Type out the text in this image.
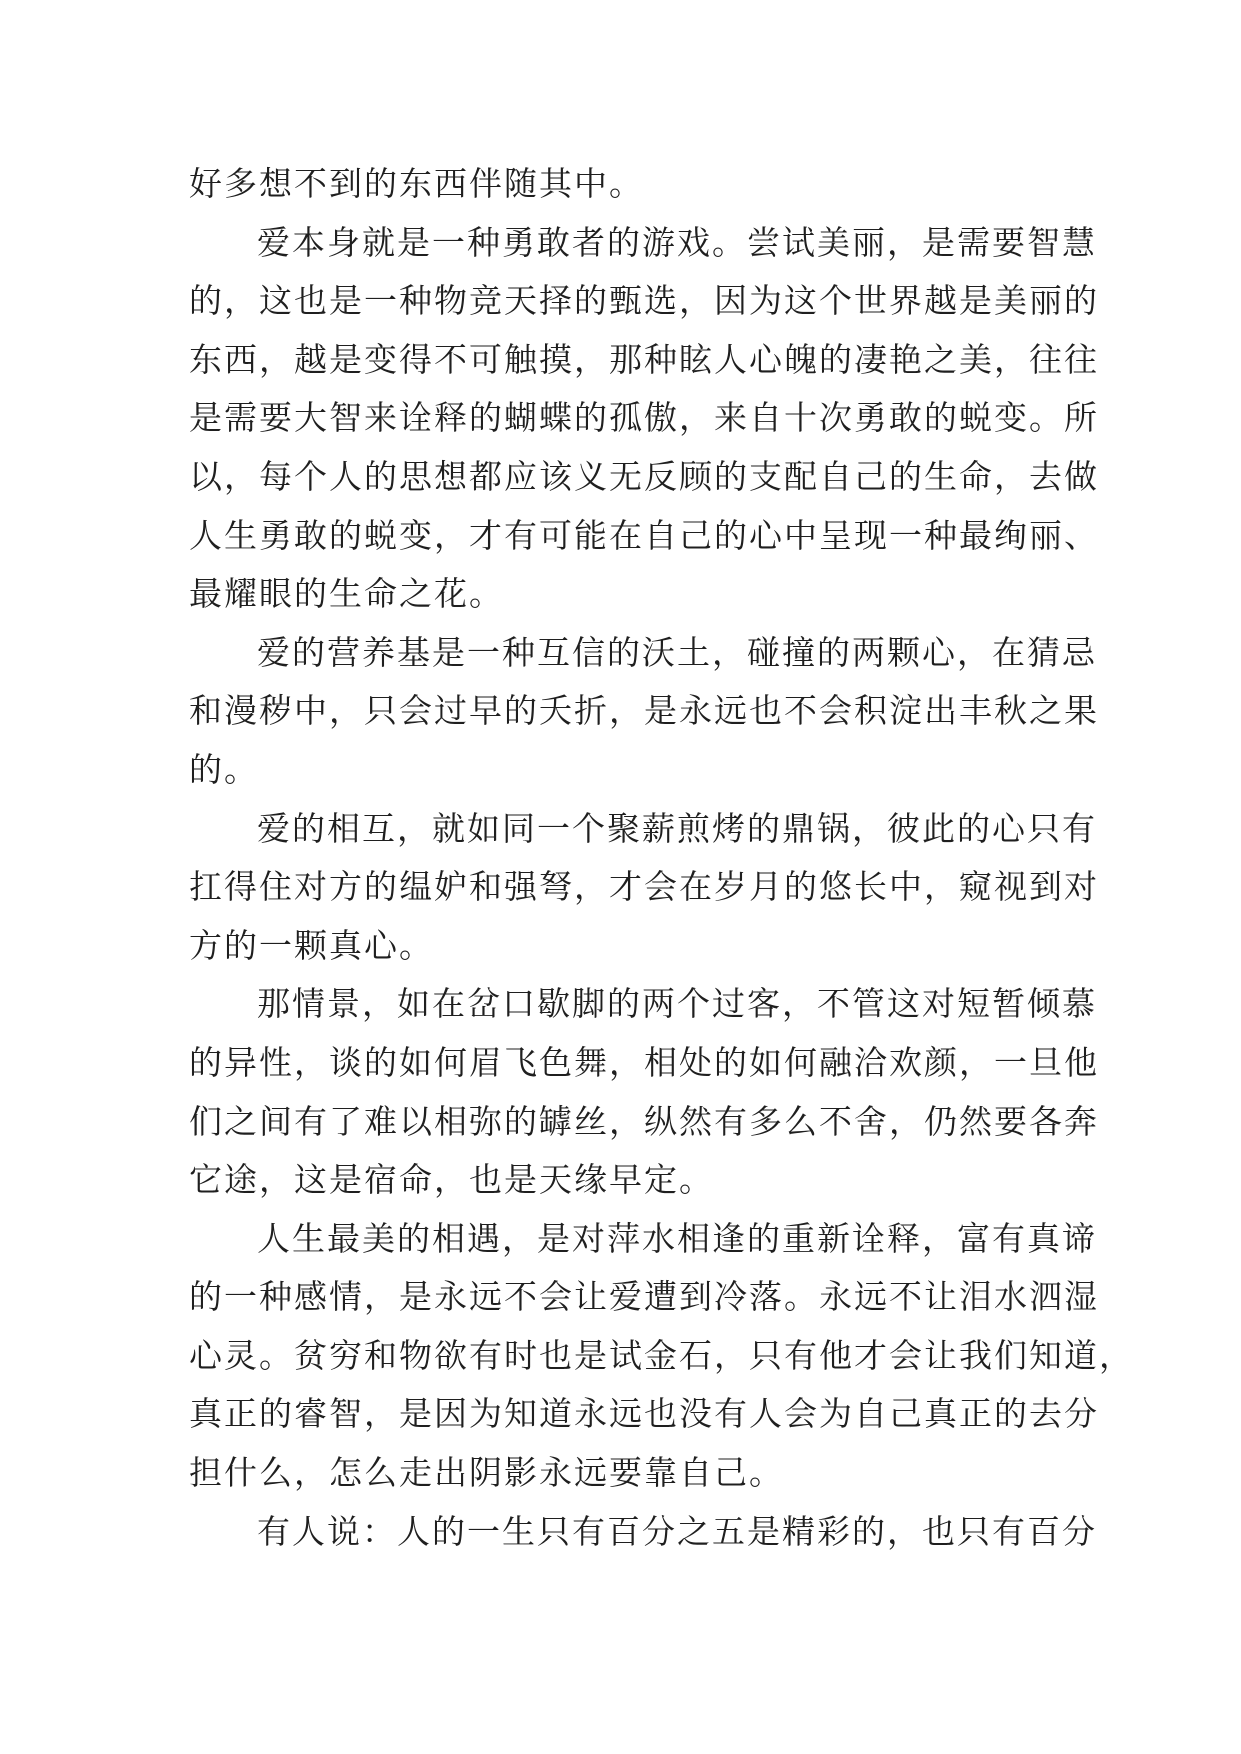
好多想不到的东西伴随其中。
爱本身就是一种勇敢者的游戏。尝试美丽，是需要智慧
的，这也是一种物竞天择的甄选，因为这个世界越是美丽的
东西，越是变得不可触摸，那种眩人心魄的凄艳之美，往往
是需要大智来诠释的蝴蝶的孤傲，来自十次勇敢的蜕变。所
以，每个人的思想都应该义无反顾的支配自己的生命，去做
人生勇敢的蜕变，才有可能在自己的心中呈现一种最绚丽、
最耀眼的生命之花。
爱的营养基是一种互信的沃土，碰撞的两颗心，在猜忌
和漫秽中，只会过早的夭折，是永远也不会积淀出丰秋之果
的。
爱的相互，就如同一个聚薪煎烤的鼎锅，彼此的心只有
扛得住对方的缊妒和强弩，才会在岁月的悠长中，窥视到对
方的一颗真心。
那情景，如在岔口歇脚的两个过客，不管这对短暂倾慕
的异性，谈的如何眉飞色舞，相处的如何融洽欢颜，一旦他
们之间有了难以相弥的罅丝，纵然有多么不舍，仍然要各奔
它途，这是宿命，也是天缘早定。
人生最美的相遇，是对萍水相逢的重新诠释，富有真谛
的一种感情，是永远不会让爱遭到冷落。永远不让泪水泗湿
心灵。贫穷和物欲有时也是试金石，只有他才会让我们知道，
真正的睿智，是因为知道永远也没有人会为自己真正的去分
担什么，怎么走出阴影永远要靠自己。
有人说：人的一生只有百分之五是精彩的，也只有百分
